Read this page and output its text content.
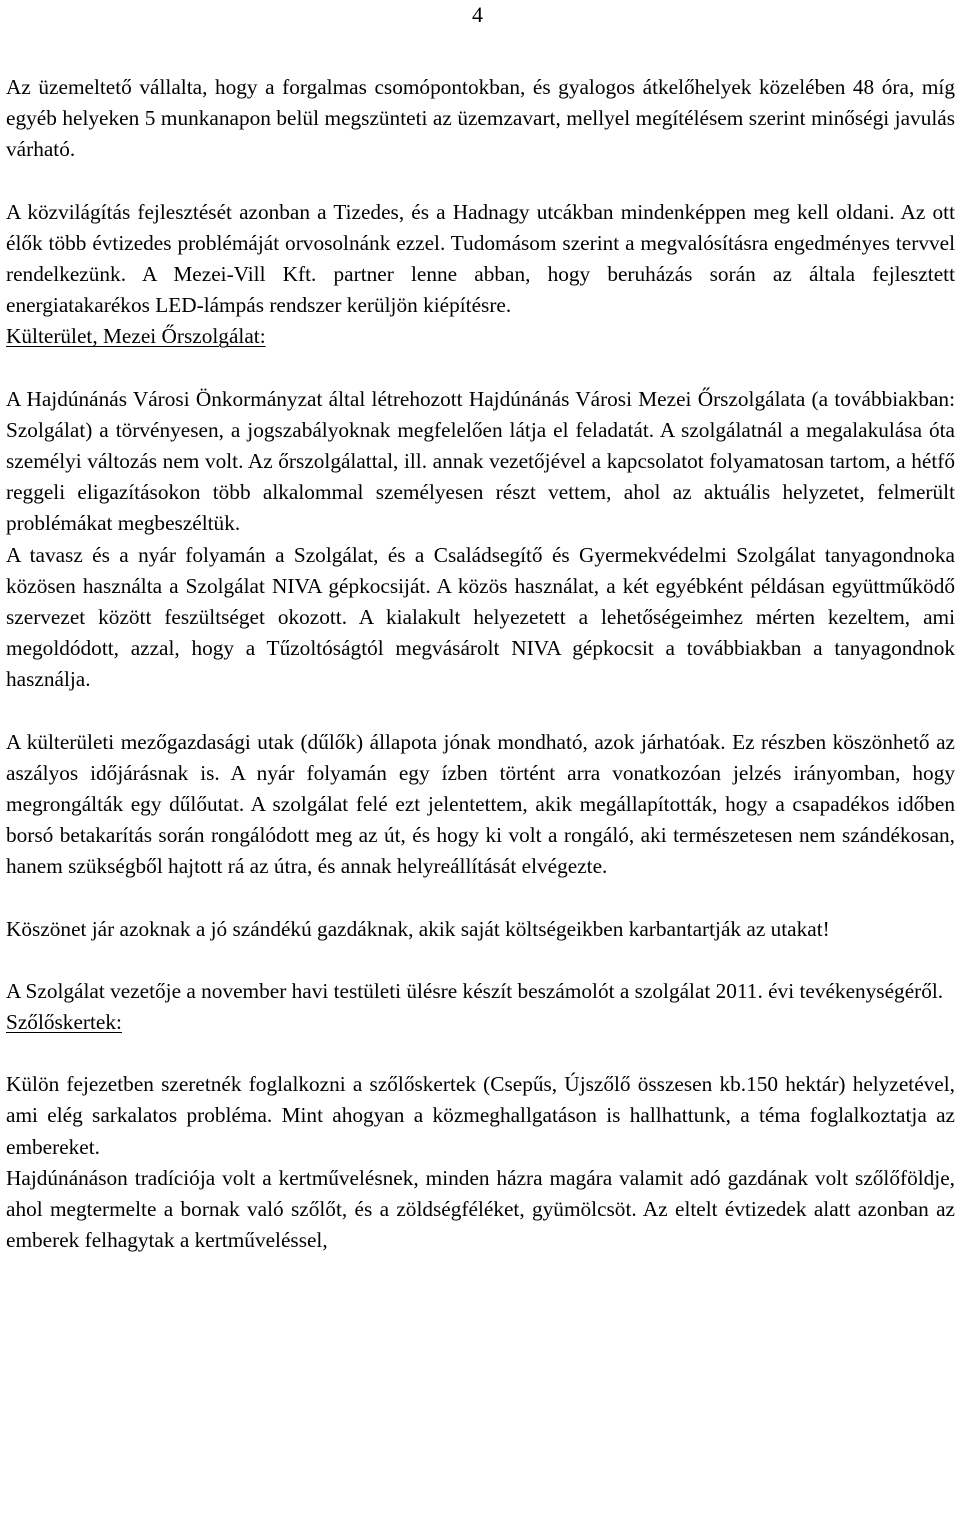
4

Az üzemeltető vállalta, hogy a forgalmas csomópontokban, és gyalogos átkelőhelyek közelében 48 óra, míg egyéb helyeken 5 munkanapon belül megszünteti az üzemzavart, mellyel megítélésem szerint minőségi javulás várható.

A közvilágítás fejlesztését azonban a Tizedes, és a Hadnagy utcákban mindenképpen meg kell oldani. Az ott élők több évtizedes problémáját orvosolnánk ezzel. Tudomásom szerint a megvalósításra engedményes tervvel rendelkezünk. A Mezei-Vill Kft. partner lenne abban, hogy beruházás során az általa fejlesztett energiatakarékos LED-lámpás rendszer kerüljön kiépítésre.

Külterület, Mezei Őrszolgálat:

A Hajdúnánás Városi Önkormányzat által létrehozott Hajdúnánás Városi Mezei Őrszolgálata (a továbbiakban: Szolgálat) a törvényesen, a jogszabályoknak megfelelően látja el feladatát. A szolgálatnál a megalakulása óta személyi változás nem volt. Az őrszolgálattal, ill. annak vezetőjével a kapcsolatot folyamatosan tartom, a hétfő reggeli eligazításokon több alkalommal személyesen részt vettem, ahol az aktuális helyzetet, felmerült problémákat megbeszéltük.

A tavasz és a nyár folyamán a Szolgálat, és a Családsegítő és Gyermekvédelmi Szolgálat tanyagondnoka közösen használta a Szolgálat NIVA gépkocsiját. A közös használat, a két egyébként példásan együttműködő szervezet között feszültséget okozott. A kialakult helyezetett a lehetőségeimhez mérten kezeltem, ami megoldódott, azzal, hogy a Tűzoltóságtól megvásárolt NIVA gépkocsit a továbbiakban a tanyagondnok használja.

A külterületi mezőgazdasági utak (dűlők) állapota jónak mondható, azok járhatóak. Ez részben köszönhető az aszályos időjárásnak is. A nyár folyamán egy ízben történt arra vonatkozóan jelzés irányomban, hogy megrongálták egy dűlőutat. A szolgálat felé ezt jelentettem, akik megállapították, hogy a csapadékos időben borsó betakarítás során rongálódott meg az út, és hogy ki volt a rongáló, aki természetesen nem szándékosan, hanem szükségből hajtott rá az útra, és annak helyreállítását elvégezte.

Köszönet jár azoknak a jó szándékú gazdáknak, akik saját költségeikben karbantartják az utakat!

A Szolgálat vezetője a november havi testületi ülésre készít beszámolót a szolgálat 2011. évi tevékenységéről.

Szőlőskertek:

Külön fejezetben szeretnék foglalkozni a szőlőskertek (Csepűs, Újszőlő összesen kb.150 hektár) helyzetével, ami elég sarkalatos probléma. Mint ahogyan a közmeghallgatáson is hallhattunk, a téma foglalkoztatja az embereket.

Hajdúnánáson tradíciója volt a kertművelésnek, minden házra magára valamit adó gazdának volt szőlőföldje, ahol megtermelte a bornak való szőlőt, és a zöldségféléket, gyümölcsöt. Az eltelt évtizedek alatt azonban az emberek felhagytak a kertműveléssel,
